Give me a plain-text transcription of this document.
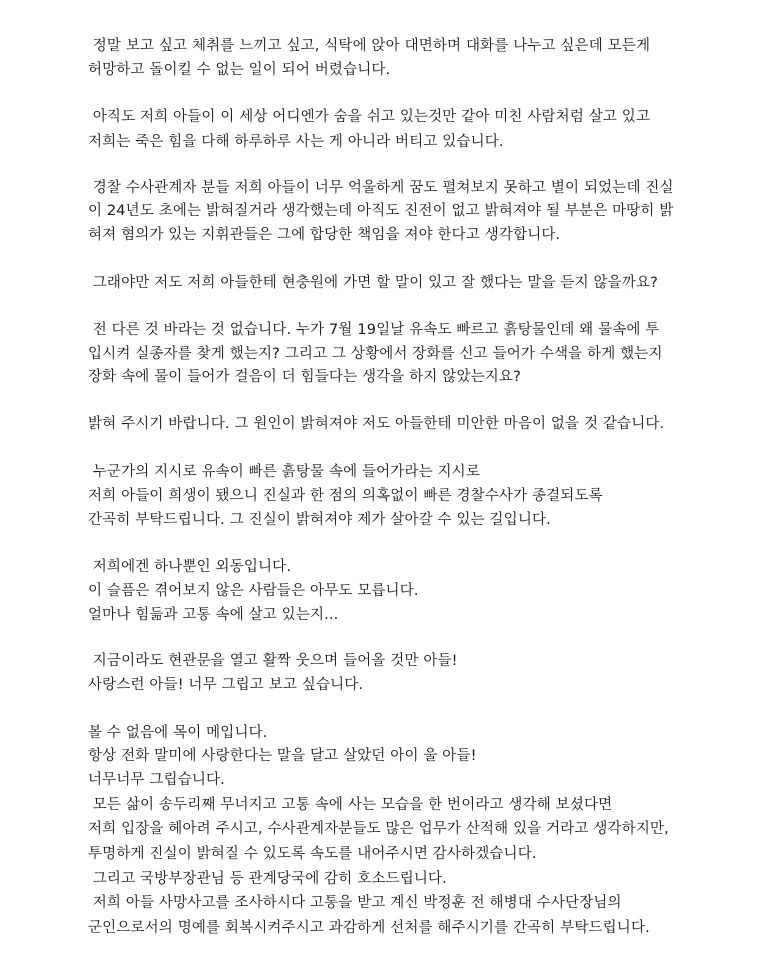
정말 보고 싶고 체취를 느끼고 싶고, 식탁에 앉아 대면하며 대화를 나누고 싶은데 모든게
허망하고 돌이킬 수 없는 일이 되어 버렸습니다.
아직도 저희 아들이 이 세상 어디엔가 숨을 쉬고 있는것만 같아 미친 사람처럼 살고 있고
저희는 죽은 힘을 다해 하루하루 사는 게 아니라 버티고 있습니다.
경찰 수사관계자 분들 저희 아들이 너무 억울하게 꿈도 펼쳐보지 못하고 별이 되었는데 진실
이 24년도 초에는 밝혀질거라 생각했는데 아직도 진전이 없고 밝혀져야 될 부분은 마땅히 밝
혀져 혐의가 있는 지휘관들은 그에 합당한 책임을 져야 한다고 생각합니다.
그래야만 저도 저희 아들한테 현충원에 가면 할 말이 있고 잘 했다는 말을 듣지 않을까요?
전 다른 것 바라는 것 없습니다. 누가 7월 19일날 유속도 빠르고 흙탕물인데 왜 물속에 투
입시켜 실종자를 찾게 했는지? 그리고 그 상황에서 장화를 신고 들어가 수색을 하게 했는지
장화 속에 물이 들어가 걸음이 더 힘들다는 생각을 하지 않았는지요?
밝혀 주시기 바랍니다. 그 원인이 밝혀져야 저도 아들한테 미안한 마음이 없을 것 같습니다.
누군가의 지시로 유속이 빠른 흙탕물 속에 들어가라는 지시로
저희 아들이 희생이 됐으니 진실과 한 점의 의혹없이 빠른 경찰수사가 종결되도록
간곡히 부탁드립니다. 그 진실이 밝혀져야 제가 살아갈 수 있는 길입니다.
저희에겐 하나뿐인 외동입니다.
이 슬픔은 겪어보지 않은 사람들은 아무도 모릅니다.
얼마나 힘듦과 고통 속에 살고 있는지...
지금이라도 현관문을 열고 활짝 웃으며 들어올 것만 아들!
사랑스런 아들! 너무 그립고 보고 싶습니다.
볼 수 없음에 목이 메입니다.
항상 전화 말미에 사랑한다는 말을 달고 살았던 아이 울 아들!
너무너무 그립습니다.
모든 삶이 송두리째 무너지고 고통 속에 사는 모습을 한 번이라고 생각해 보셨다면
저희 입장을 헤아려 주시고, 수사관계자분들도 많은 업무가 산적해 있을 거라고 생각하지만,
투명하게 진실이 밝혀질 수 있도록 속도를 내어주시면 감사하겠습니다.
그리고 국방부장관님 등 관계당국에 감히 호소드립니다.
저희 아들 사망사고를 조사하시다 고통을 받고 계신 박정훈 전 해병대 수사단장님의
군인으로서의 명예를 회복시켜주시고 과감하게 선처를 해주시기를 간곡히 부탁드립니다.
